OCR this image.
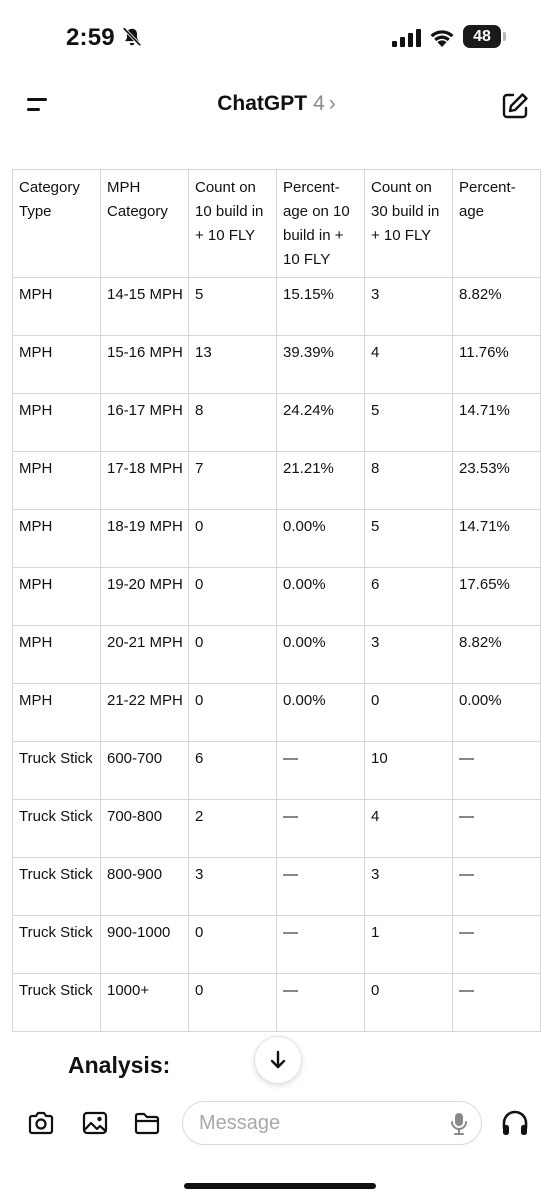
2:59	48
ChatGPT 4 ›
Category Type	MPH Category	Count on 10 build in + 10 FLY	Percent-age on 10 build in + 10 FLY	Count on 30 build in + 10 FLY	Percent-age
MPH	14-15 MPH	5	15.15%	3	8.82%
MPH	15-16 MPH	13	39.39%	4	11.76%
MPH	16-17 MPH	8	24.24%	5	14.71%
MPH	17-18 MPH	7	21.21%	8	23.53%
MPH	18-19 MPH	0	0.00%	5	14.71%
MPH	19-20 MPH	0	0.00%	6	17.65%
MPH	20-21 MPH	0	0.00%	3	8.82%
MPH	21-22 MPH	0	0.00%	0	0.00%
Truck Stick	600-700	6	—	10	—
Truck Stick	700-800	2	—	4	—
Truck Stick	800-900	3	—	3	—
Truck Stick	900-1000	0	—	1	—
Truck Stick	1000+	0	—	0	—
Analysis:
Message
